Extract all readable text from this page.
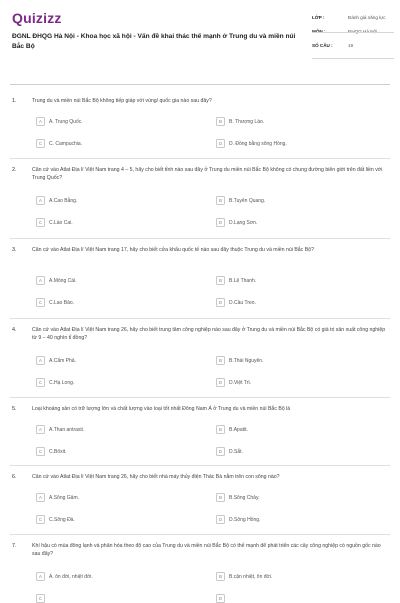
Quizizz
ĐGNL ĐHQG Hà Nội - Khoa học xã hội - Vấn đề khai thác thế mạnh ở Trung du và miền núi Bắc Bộ
LỚP :	Đánh giá năng lực
SỐ CÂU :	19
1.	Trung du và miền núi Bắc Bộ không tiếp giáp với vùng/ quốc gia nào sau đây?
A	A. Trung Quốc.	B	B. Thượng Lào.
C	C. Campuchia.	D	D. Đồng bằng sông Hồng.
2.	Căn cứ vào Atlat Địa lí Việt Nam trang 4 – 5, hãy cho biết tỉnh nào sau đây ở Trung du miền núi Bắc Bộ không có chung đường biên giới trên đất liền với Trung Quốc?
A	A.Cao Bằng.	B	B.Tuyên Quang.
C	C.Lào Cai.	D	D.Lạng Sơn.
3.	Căn cứ vào Atlat Địa lí Việt Nam trang 17, hãy cho biết cửa khẩu quốc tế nào sau đây thuộc Trung du và miền núi Bắc Bộ?
A	A.Móng Cái.	B	B.Lệ Thanh.
C	C.Lao Bảo.	D	D.Cầu Treo.
4.	Căn cứ vào Atlat Địa lí Việt Nam trang 26, hãy cho biết trung tâm công nghiệp nào sau đây ở Trung du và miền núi Bắc Bộ có giá trị sản xuất công nghiệp từ 9 – 40 nghìn tỉ đồng?
A	A.Cẩm Phả.	B	B.Thái Nguyên.
C	C.Hạ Long.	D	D.Việt Trì.
5.	Loại khoáng sản có trữ lượng lớn và chất lượng vào loại tốt nhất Đông Nam Á ở Trung du và miền núi Bắc Bộ là
A	A.Than antraxit.	B	B.Apatit.
C	C.Bôxit.	D	D.Sắt.
6.	Căn cứ vào Atlat Địa lí Việt Nam trang 26, hãy cho biết nhà máy thủy điện Thác Bà nằm trên con sông nào?
A	A.Sông Gâm.	B	B.Sông Chảy.
C	C.Sông Đà.	D	D.Sông Hồng.
7.	Khí hậu có mùa đông lạnh và phân hóa theo độ cao của Trung du và miền núi Bắc Bộ có thế mạnh để phát triển các cây công nghiệp có nguồn gốc nào sau đây?
A	A. ôn đới, nhiệt đới.	B	B.cận nhiệt, ôn đới.
C	D
